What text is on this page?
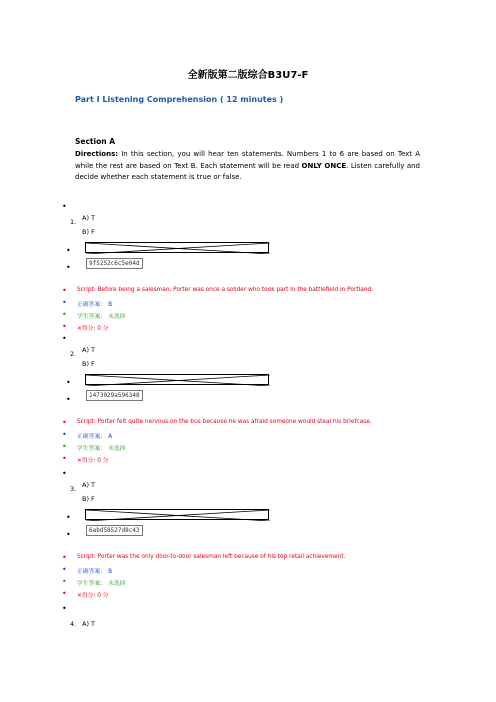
全新版第二版综合B3U7-F
Part I Listening Comprehension ( 12 minutes )
Section A
Directions: In this section, you will hear ten statements. Numbers 1 to 6 are based on Text A while the rest are based on Text B. Each statement will be read ONLY ONCE. Listen carefully and decide whether each statement is true or false.
•
1. A) T
B) F
•
•	9f5252c6c5e04d
• Script: Before being a salesman, Porter was once a solider who took part in the battlefield in Portland.
• 正确答案: B
• 学生答案: 未选择
• ✕得分: 0 分
•
2. A) T
B) F
•
•	1473029a596348
• Script: Porter felt quite nervous on the bus because he was afraid someone would steal his briefcase.
• 正确答案: A
• 学生答案: 未选择
• ✕得分: 0 分
•
3. A) T
B) F
•
•	6abd58527d8c43
• Script: Porter was the only door-to-door salesman left because of his top retail achievement.
• 正确答案: B
• 学生答案: 未选择
• ✕得分: 0 分
•
4. A) T
